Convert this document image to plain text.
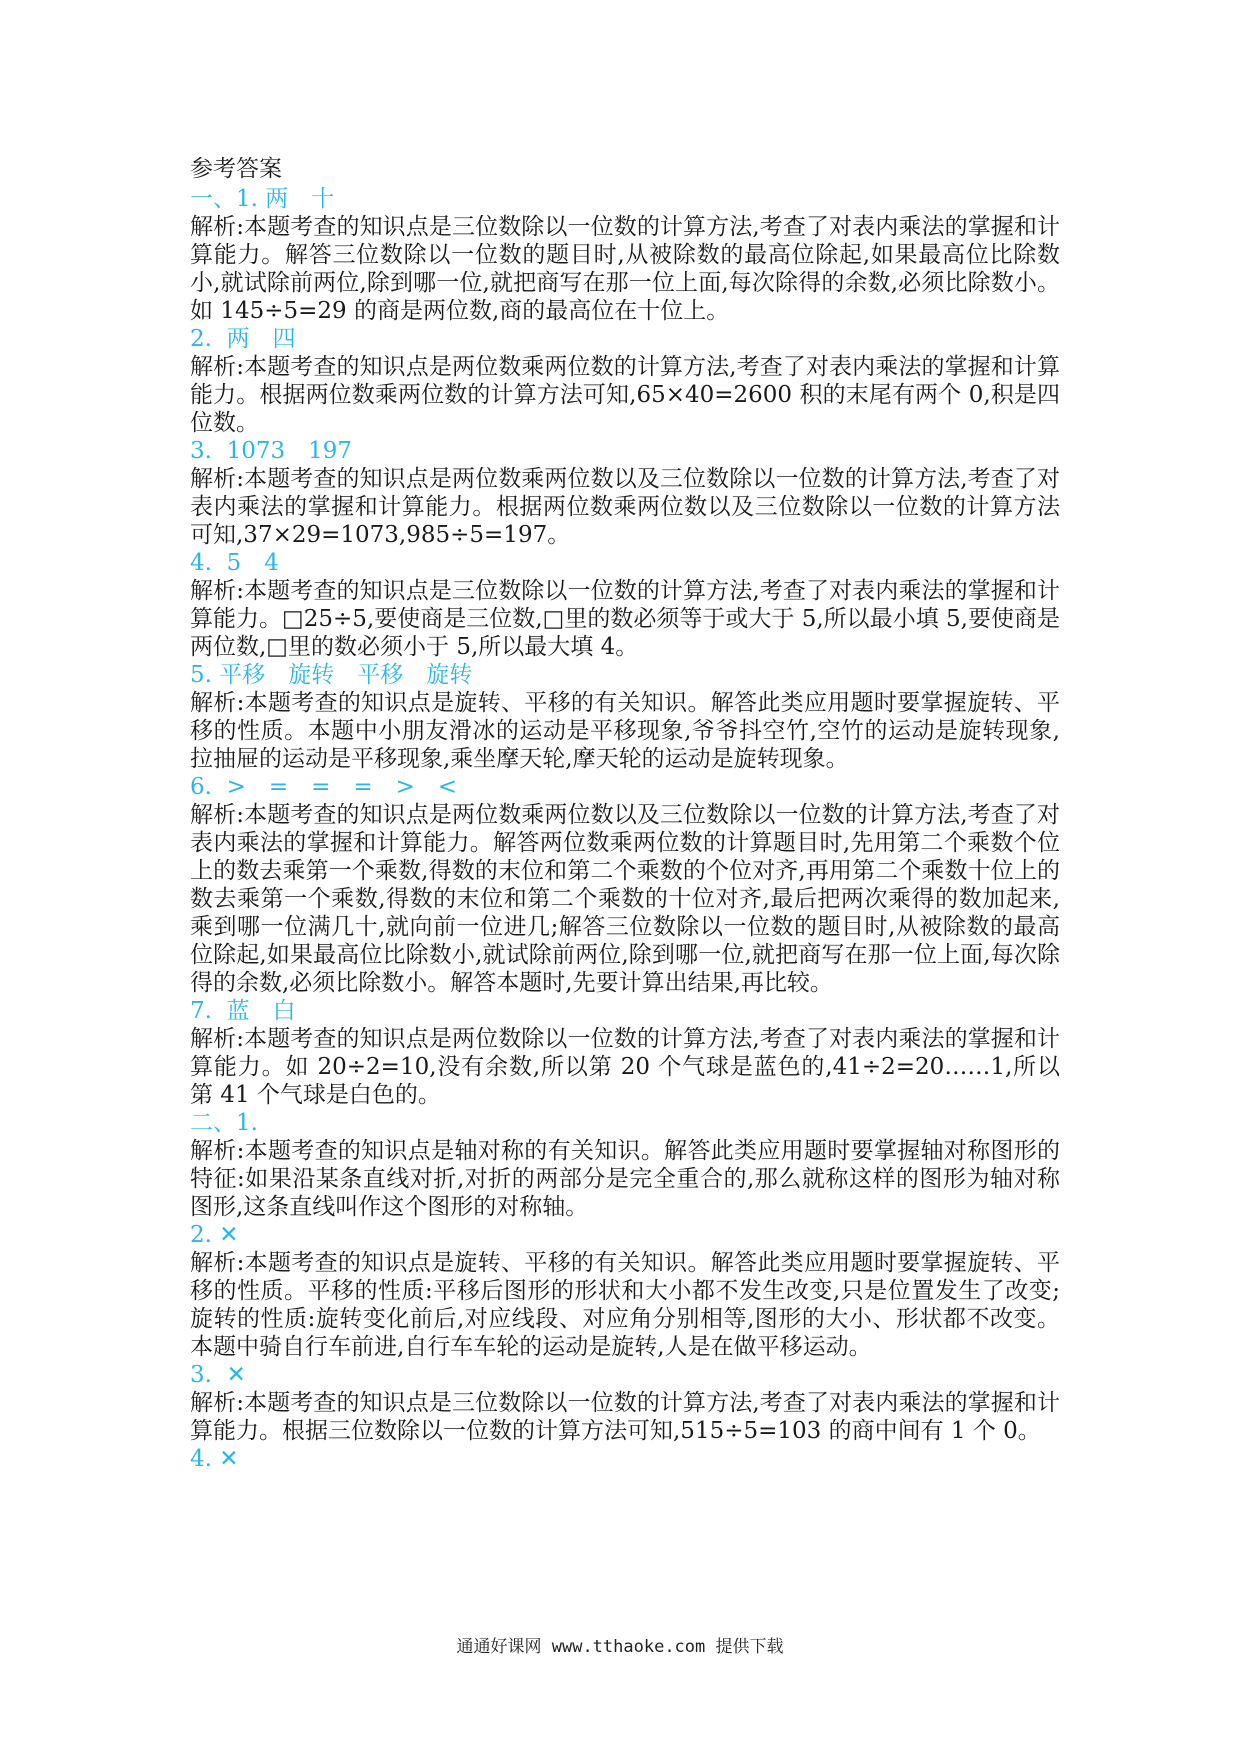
参考答案
一、1. 两　十
解析:本题考查的知识点是三位数除以一位数的计算方法,考查了对表内乘法的掌握和计算能力。解答三位数除以一位数的题目时,从被除数的最高位除起,如果最高位比除数小,就试除前两位,除到哪一位,就把商写在那一位上面,每次除得的余数,必须比除数小。如 145÷5=29 的商是两位数,商的最高位在十位上。
2.  两　四
解析:本题考查的知识点是两位数乘两位数的计算方法,考查了对表内乘法的掌握和计算能力。根据两位数乘两位数的计算方法可知,65×40=2600 积的末尾有两个 0,积是四位数。
3.  1073　197
解析:本题考查的知识点是两位数乘两位数以及三位数除以一位数的计算方法,考查了对表内乘法的掌握和计算能力。根据两位数乘两位数以及三位数除以一位数的计算方法可知,37×29=1073,985÷5=197。
4.  5　4
解析:本题考查的知识点是三位数除以一位数的计算方法,考查了对表内乘法的掌握和计算能力。□25÷5,要使商是三位数,□里的数必须等于或大于 5,所以最小填 5,要使商是两位数,□里的数必须小于 5,所以最大填 4。
5. 平移　旋转　平移　旋转
解析:本题考查的知识点是旋转、平移的有关知识。解答此类应用题时要掌握旋转、平移的性质。本题中小朋友滑冰的运动是平移现象,爷爷抖空竹,空竹的运动是旋转现象,拉抽屉的运动是平移现象,乘坐摩天轮,摩天轮的运动是旋转现象。
6.  >　=　=　=　>　<
解析:本题考查的知识点是两位数乘两位数以及三位数除以一位数的计算方法,考查了对表内乘法的掌握和计算能力。解答两位数乘两位数的计算题目时,先用第二个乘数个位上的数去乘第一个乘数,得数的末位和第二个乘数的个位对齐,再用第二个乘数十位上的数去乘第一个乘数,得数的末位和第二个乘数的十位对齐,最后把两次乘得的数加起来,乘到哪一位满几十,就向前一位进几;解答三位数除以一位数的题目时,从被除数的最高位除起,如果最高位比除数小,就试除前两位,除到哪一位,就把商写在那一位上面,每次除得的余数,必须比除数小。解答本题时,先要计算出结果,再比较。
7.  蓝　白
解析:本题考查的知识点是两位数除以一位数的计算方法,考查了对表内乘法的掌握和计算能力。如 20÷2=10,没有余数,所以第 20 个气球是蓝色的,41÷2=20……1,所以第 41 个气球是白色的。
二、1.
解析:本题考查的知识点是轴对称的有关知识。解答此类应用题时要掌握轴对称图形的特征:如果沿某条直线对折,对折的两部分是完全重合的,那么就称这样的图形为轴对称图形,这条直线叫作这个图形的对称轴。
2. ✕
解析:本题考查的知识点是旋转、平移的有关知识。解答此类应用题时要掌握旋转、平移的性质。平移的性质:平移后图形的形状和大小都不发生改变,只是位置发生了改变;旋转的性质:旋转变化前后,对应线段、对应角分别相等,图形的大小、形状都不改变。本题中骑自行车前进,自行车车轮的运动是旋转,人是在做平移运动。
3.  ✕
解析:本题考查的知识点是三位数除以一位数的计算方法,考查了对表内乘法的掌握和计算能力。根据三位数除以一位数的计算方法可知,515÷5=103 的商中间有 1 个 0。
4. ✕
通通好课网 www.tthaoke.com 提供下载
